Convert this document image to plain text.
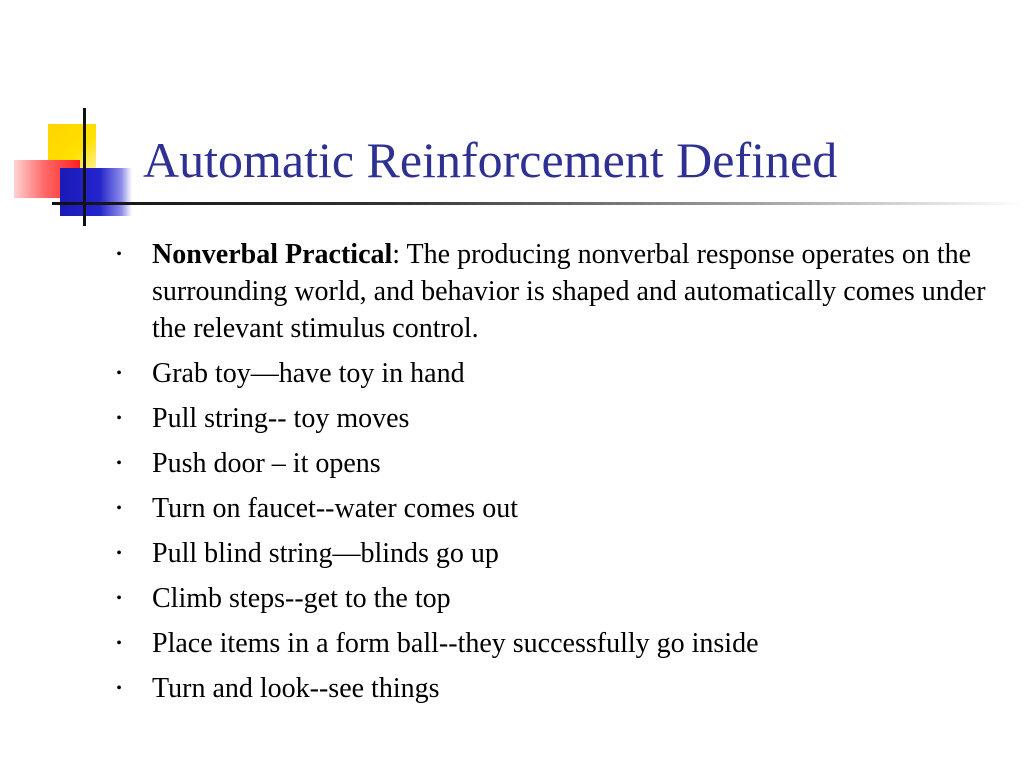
Automatic Reinforcement Defined
• Nonverbal Practical: The producing nonverbal response operates on the surrounding world, and behavior is shaped and automatically comes under the relevant stimulus control.
• Grab toy—have toy in hand
• Pull string-- toy moves
• Push door – it opens
• Turn on faucet--water comes out
• Pull blind string—blinds go up
• Climb steps--get to the top
• Place items in a form ball--they successfully go inside
• Turn and look--see things
